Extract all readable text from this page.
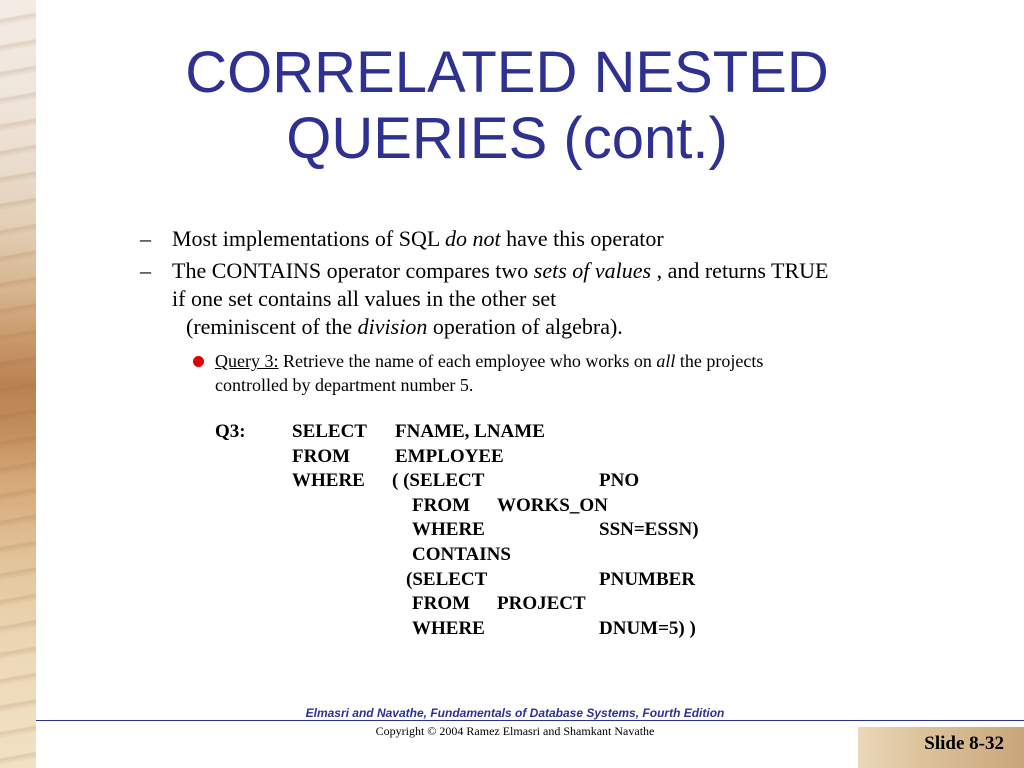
CORRELATED NESTED
QUERIES (cont.)
– Most implementations of SQL do not have this operator
– The CONTAINS operator compares two sets of values , and returns TRUE
if one set contains all values in the other set
(reminiscent of the division operation of algebra).
Query 3: Retrieve the name of each employee who works on all the projects
controlled by department number 5.
Q3: SELECT FNAME, LNAME
FROM EMPLOYEE
WHERE ( (SELECT	PNO
FROM WORKS_ON
WHERE	SSN=ESSN)
CONTAINS
(SELECT	PNUMBER
FROM PROJECT
WHERE	DNUM=5) )
Elmasri and Navathe, Fundamentals of Database Systems, Fourth Edition
Copyright © 2004 Ramez Elmasri and Shamkant Navathe
Slide 8-32
